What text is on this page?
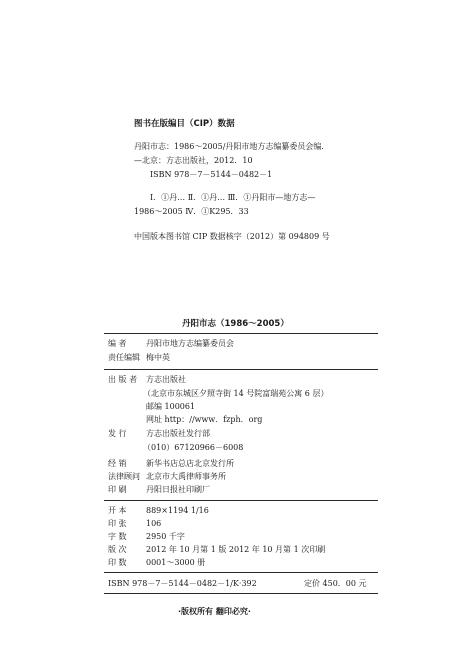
图书在版编目（CIP）数据
丹阳市志：1986～2005/丹阳市地方志编纂委员会编．
—北京：方志出版社，2012．10
ISBN 978－7－5144－0482－1
Ⅰ．①丹… Ⅱ．①丹… Ⅲ．①丹阳市—地方志—
1986～2005 Ⅳ．①K295．33
中国版本图书馆 CIP 数据核字（2012）第 094809 号
丹阳市志（1986～2005）
编 者 丹阳市地方志编纂委员会
责任编辑 梅中英
出 版 者 方志出版社
（北京市东城区夕照寺街 14 号院富瑞苑公寓 6 层）
邮编 100061
网址 http：//www．fzph．org
发 行 方志出版社发行部
（010）67120966－6008
经 销 新华书店总店北京发行所
法律顾问 北京市大禹律师事务所
印 刷 丹阳日报社印刷厂
开 本 889×1194 1/16
印 张 106
字 数 2950 千字
版 次 2012 年 10 月第 1 版 2012 年 10 月第 1 次印刷
印 数 0001～3000 册
ISBN 978－7－5144－0482－1/K·392	定价 450．00 元
·版权所有 翻印必究·
